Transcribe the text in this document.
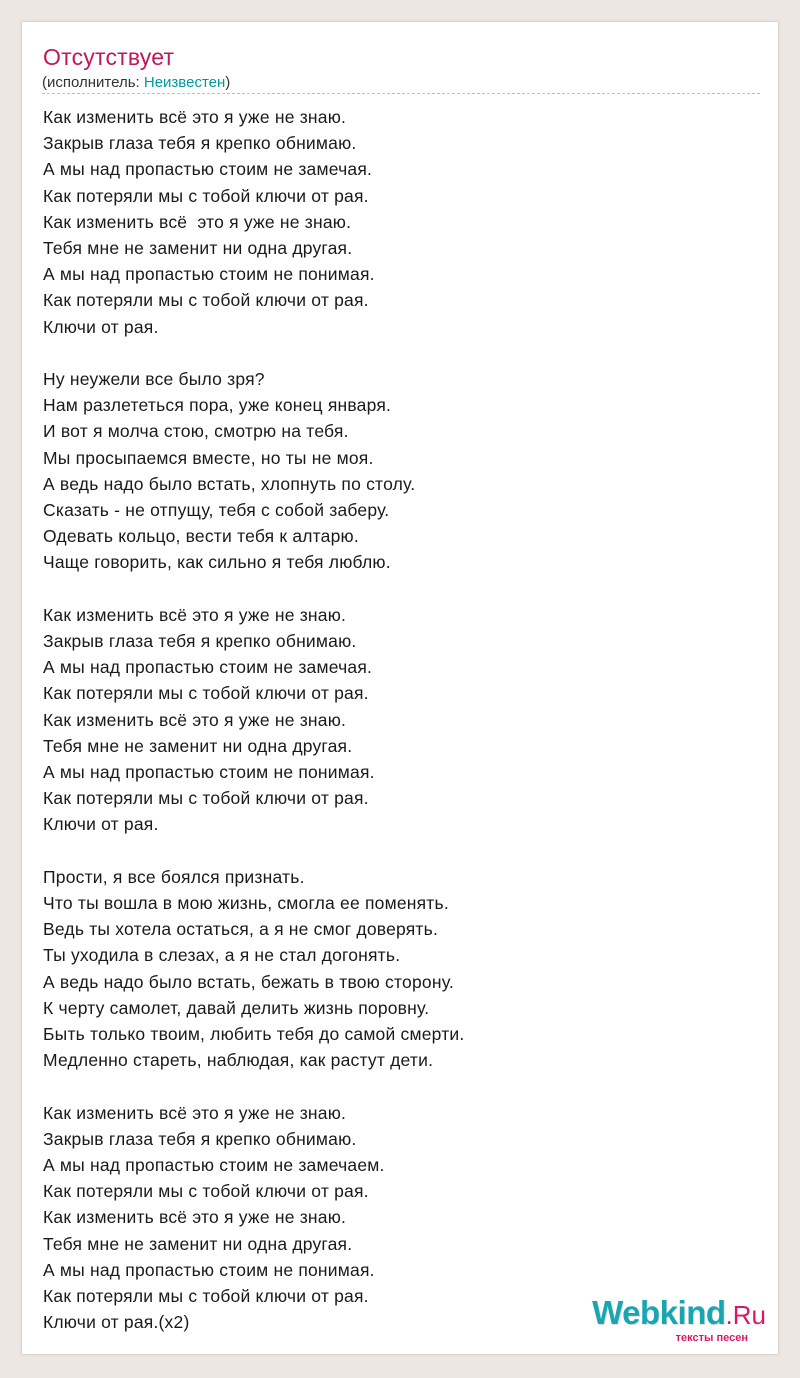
Отсутствует
(исполнитель: Неизвестен)
Как изменить всё это я уже не знаю.
Закрыв глаза тебя я крепко обнимаю.
А мы над пропастью стоим не замечая.
Как потеряли мы с тобой ключи от рая.
Как изменить всё  это я уже не знаю.
Тебя мне не заменит ни одна другая.
А мы над пропастью стоим не понимая.
Как потеряли мы с тобой ключи от рая.
Ключи от рая.
Ну неужели все было зря?
Нам разлететься пора, уже конец января.
И вот я молча стою, смотрю на тебя.
Мы просыпаемся вместе, но ты не моя.
А ведь надо было встать, хлопнуть по столу.
Сказать - не отпущу, тебя с собой заберу.
Одевать кольцо, вести тебя к алтарю.
Чаще говорить, как сильно я тебя люблю.
Как изменить всё это я уже не знаю.
Закрыв глаза тебя я крепко обнимаю.
А мы над пропастью стоим не замечая.
Как потеряли мы с тобой ключи от рая.
Как изменить всё это я уже не знаю.
Тебя мне не заменит ни одна другая.
А мы над пропастью стоим не понимая.
Как потеряли мы с тобой ключи от рая.
Ключи от рая.
Прости, я все боялся признать.
Что ты вошла в мою жизнь, смогла ее поменять.
Ведь ты хотела остаться, а я не смог доверять.
Ты уходила в слезах, а я не стал догонять.
А ведь надо было встать, бежать в твою сторону.
К черту самолет, давай делить жизнь поровну.
Быть только твоим, любить тебя до самой смерти.
Медленно стареть, наблюдая, как растут дети.
Как изменить всё это я уже не знаю.
Закрыв глаза тебя я крепко обнимаю.
А мы над пропастью стоим не замечаем.
Как потеряли мы с тобой ключи от рая.
Как изменить всё это я уже не знаю.
Тебя мне не заменит ни одна другая.
А мы над пропастью стоим не понимая.
Как потеряли мы с тобой ключи от рая.
Ключи от рая.(x2)	Webkind.Ru
тексты песен
